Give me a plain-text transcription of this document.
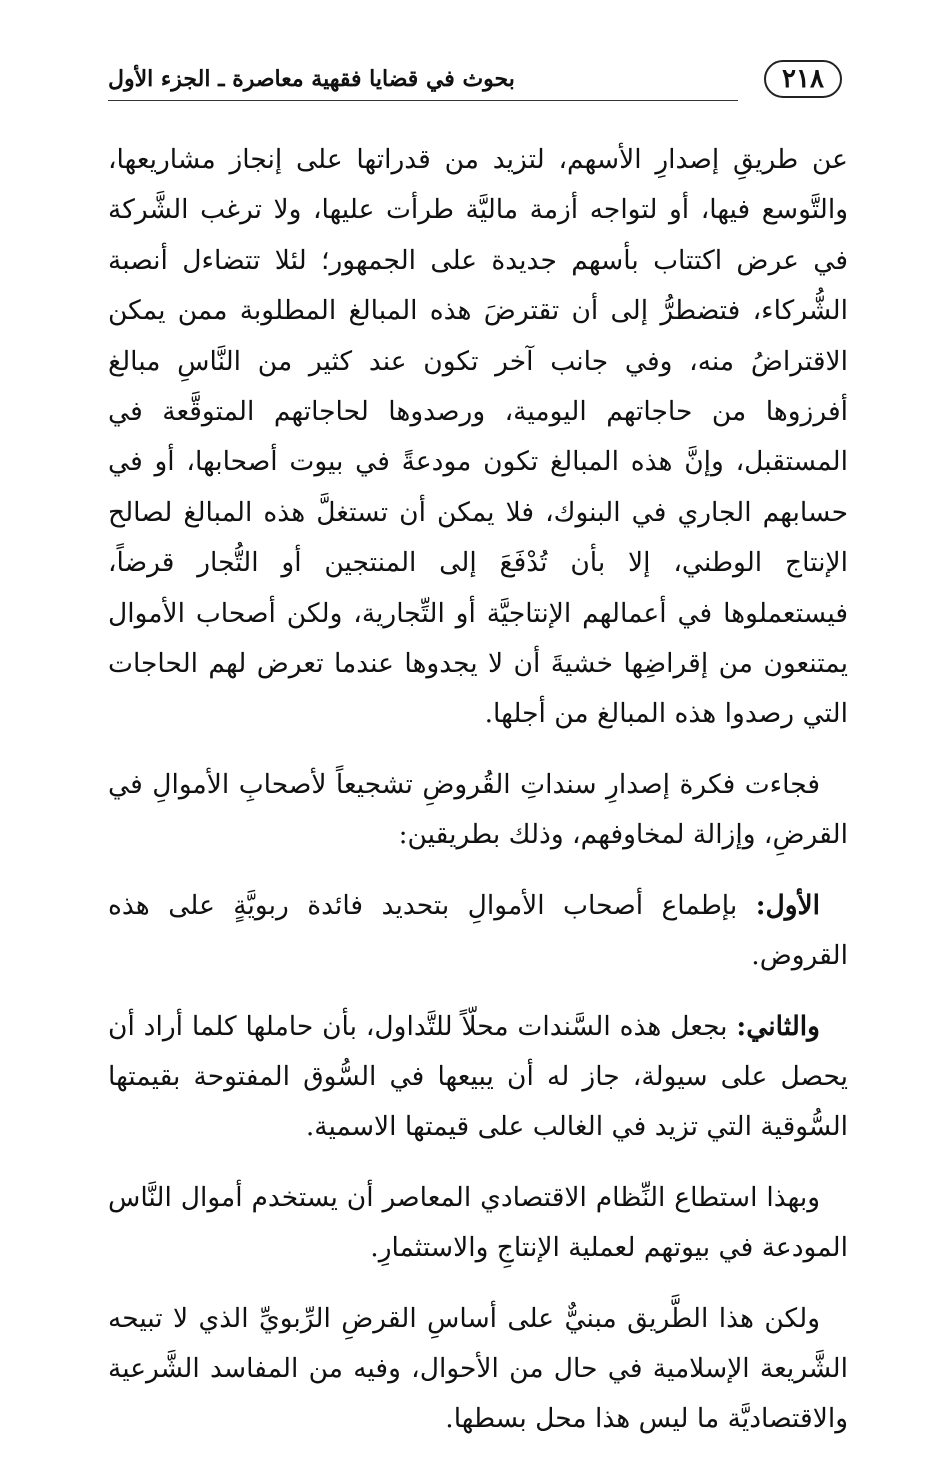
٢١٨
بحوث في قضايا فقهية معاصرة ـ الجزء الأول

عن طريقِ إصدارِ الأسهم، لتزيد من قدراتها على إنجاز مشاريعها، والتَّوسع فيها، أو لتواجه أزمة ماليَّة طرأت عليها، ولا ترغب الشَّركة في عرض اكتتاب بأسهم جديدة على الجمهور؛ لئلا تتضاءل أنصبة الشُّركاء، فتضطرُّ إلى أن تقترضَ هذه المبالغ المطلوبة ممن يمكن الاقتراضُ منه، وفي جانب آخر تكون عند كثير من النَّاسِ مبالغ أفرزوها من حاجاتهم اليومية، ورصدوها لحاجاتهم المتوقَّعة في المستقبل، وإنَّ هذه المبالغ تكون مودعةً في بيوت أصحابها، أو في حسابهم الجاري في البنوك، فلا يمكن أن تستغلَّ هذه المبالغ لصالح الإنتاج الوطني، إلا بأن تُدْفَعَ إلى المنتجين أو التُّجار قرضاً، فيستعملوها في أعمالهم الإنتاجيَّة أو التِّجارية، ولكن أصحاب الأموال يمتنعون من إقراضِها خشيةَ أن لا يجدوها عندما تعرض لهم الحاجات التي رصدوا هذه المبالغ من أجلها.

فجاءت فكرة إصدارِ سنداتِ القُروضِ تشجيعاً لأصحابِ الأموالِ في القرضِ، وإزالة لمخاوفهم، وذلك بطريقين:

الأول: بإطماع أصحاب الأموالِ بتحديد فائدة ربويَّةٍ على هذه القروض.

والثاني: بجعل هذه السَّندات محلّاً للتَّداول، بأن حاملها كلما أراد أن يحصل على سيولة، جاز له أن يبيعها في السُّوق المفتوحة بقيمتها السُّوقية التي تزيد في الغالب على قيمتها الاسمية.

وبهذا استطاع النِّظام الاقتصادي المعاصر أن يستخدم أموال النَّاس المودعة في بيوتهم لعملية الإنتاجِ والاستثمارِ.

ولكن هذا الطَّريق مبنيٌّ على أساسِ القرضِ الرِّبويِّ الذي لا تبيحه الشَّريعة الإسلامية في حال من الأحوال، وفيه من المفاسد الشَّرعية والاقتصاديَّة ما ليس هذا محل بسطها.
